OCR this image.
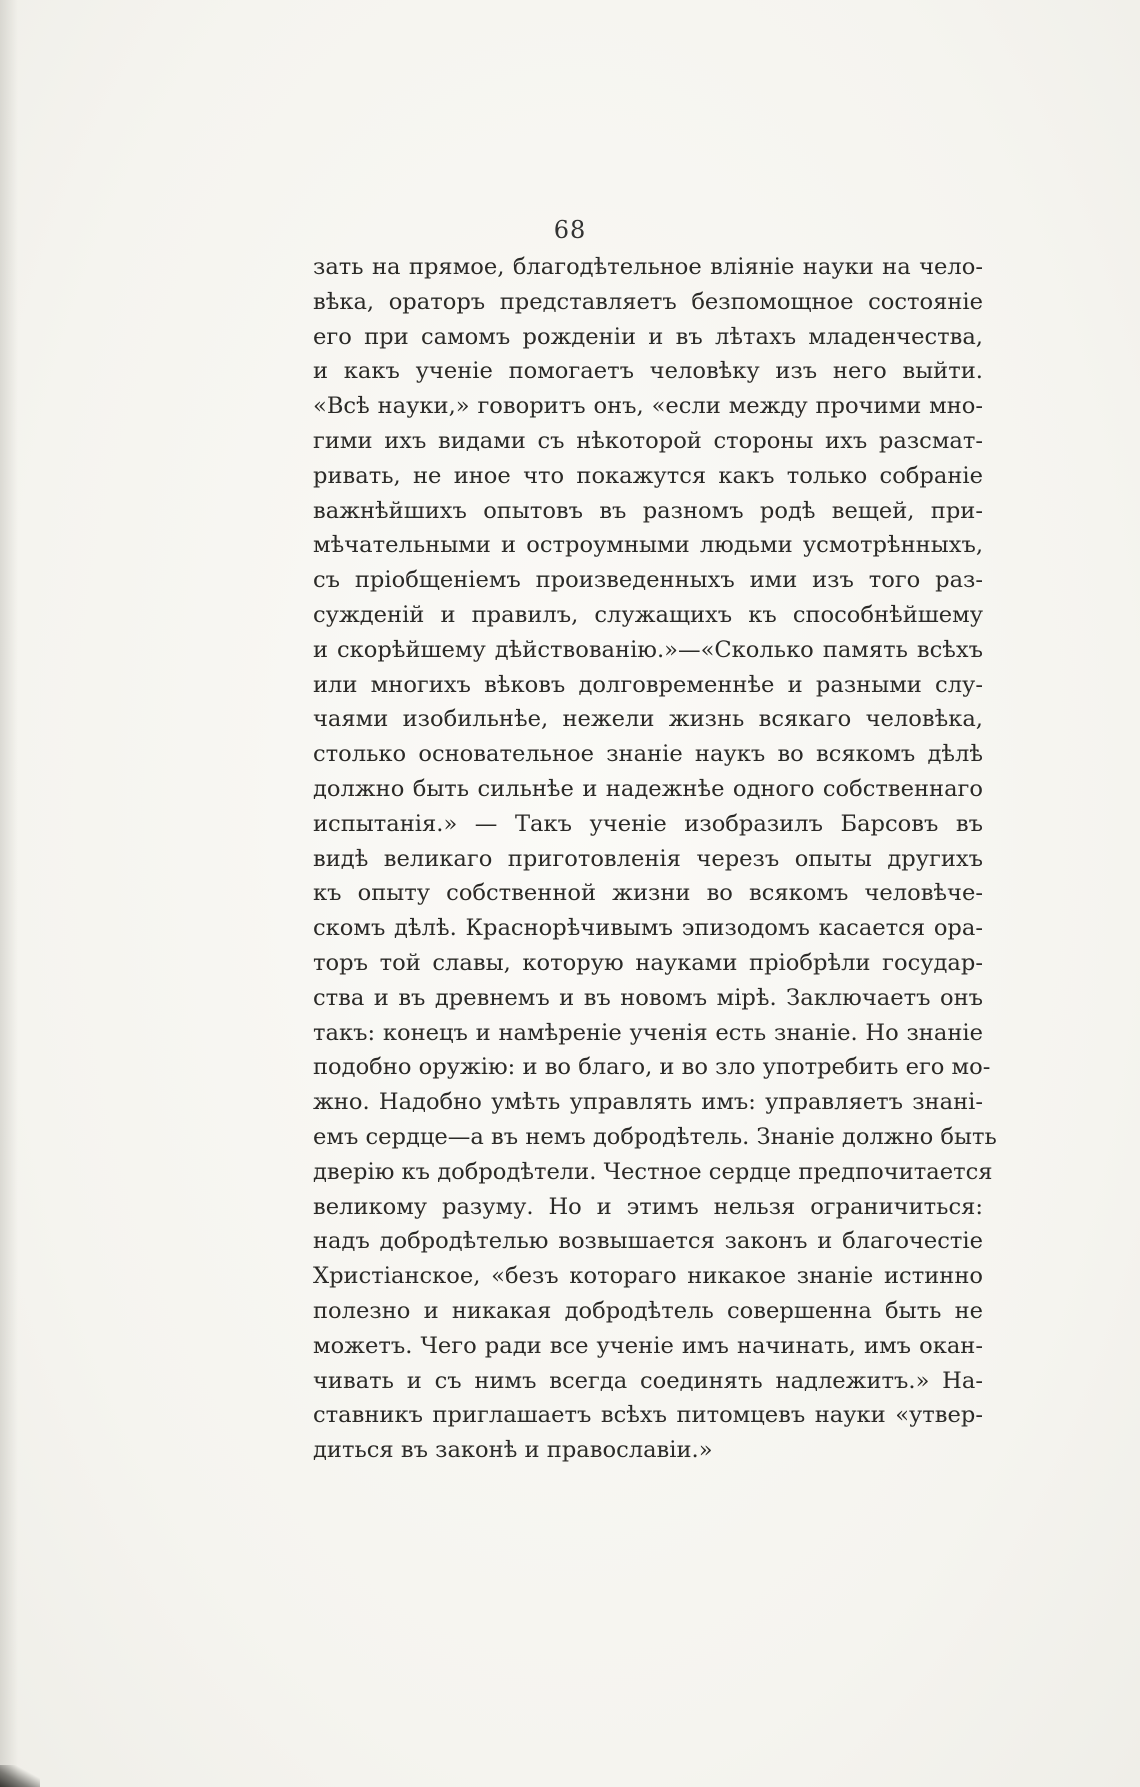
68
зать на прямое, благодѣтельное вліяніе науки на чело-
вѣка, ораторъ представляетъ безпомощное состояніе
его при самомъ рожденіи и въ лѣтахъ младенчества,
и какъ ученіе помогаетъ человѣку изъ него выйти.
«Всѣ науки,» говоритъ онъ, «если между прочими мно-
гими ихъ видами съ нѣкоторой стороны ихъ разсмат-
ривать, не иное что покажутся какъ только собраніе
важнѣйшихъ опытовъ въ разномъ родѣ вещей, при-
мѣчательными и остроумными людьми усмотрѣнныхъ,
съ пріобщеніемъ произведенныхъ ими изъ того раз-
сужденій и правилъ, служащихъ къ способнѣйшему
и скорѣйшему дѣйствованію.»—«Сколько память всѣхъ
или многихъ вѣковъ долговременнѣе и разными слу-
чаями изобильнѣе, нежели жизнь всякаго человѣка,
столько основательное знаніе наукъ во всякомъ дѣлѣ
должно быть сильнѣе и надежнѣе одного собственнаго
испытанія.» — Такъ ученіе изобразилъ Барсовъ въ
видѣ великаго приготовленія черезъ опыты другихъ
къ опыту собственной жизни во всякомъ человѣче-
скомъ дѣлѣ. Краснорѣчивымъ эпизодомъ касается ора-
торъ той славы, которую науками пріобрѣли государ-
ства и въ древнемъ и въ новомъ мірѣ. Заключаетъ онъ
такъ: конецъ и намѣреніе ученія есть знаніе. Но знаніе
подобно оружію: и во благо, и во зло употребить его мо-
жно. Надобно умѣть управлять имъ: управляетъ знані-
емъ сердце—а въ немъ добродѣтель. Знаніе должно быть
дверію къ добродѣтели. Честное сердце предпочитается
великому разуму. Но и этимъ нельзя ограничиться:
надъ добродѣтелью возвышается законъ и благочестіе
Христіанское, «безъ котораго никакое знаніе истинно
полезно и никакая добродѣтель совершенна быть не
можетъ. Чего ради все ученіе имъ начинать, имъ окан-
чивать и съ нимъ всегда соединять надлежитъ.» На-
ставникъ приглашаетъ всѣхъ питомцевъ науки «утвер-
диться въ законѣ и православіи.»
